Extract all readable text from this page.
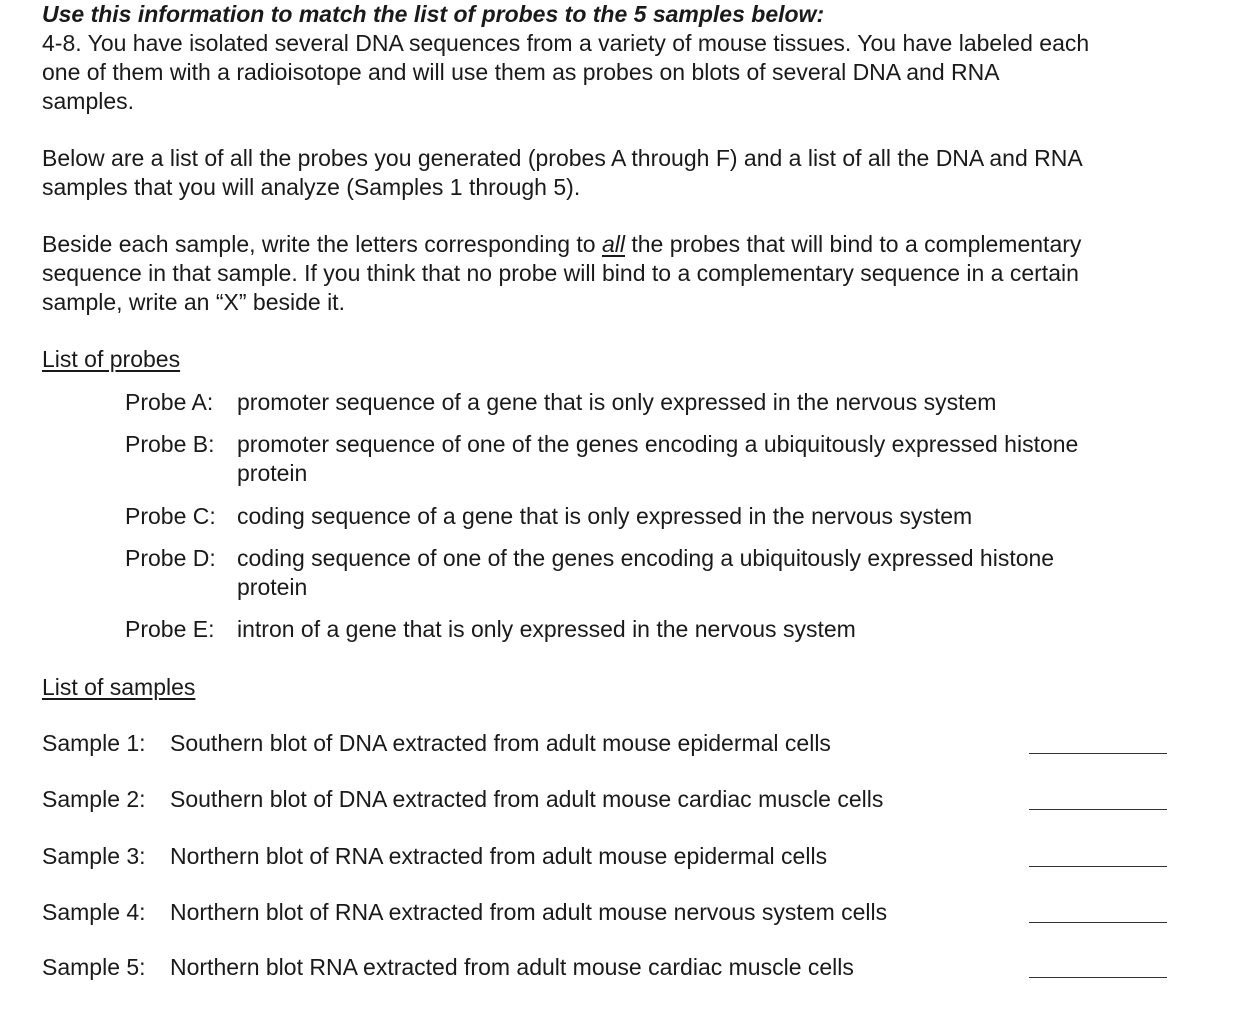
Use this information to match the list of probes to the 5 samples below:
4-8. You have isolated several DNA sequences from a variety of mouse tissues. You have labeled each
one of them with a radioisotope and will use them as probes on blots of several DNA and RNA
samples.
Below are a list of all the probes you generated (probes A through F) and a list of all the DNA and RNA
samples that you will analyze (Samples 1 through 5).
Beside each sample, write the letters corresponding to all the probes that will bind to a complementary
sequence in that sample. If you think that no probe will bind to a complementary sequence in a certain
sample, write an “X” beside it.
List of probes
Probe A:	promoter sequence of a gene that is only expressed in the nervous system
Probe B: promoter sequence of one of the genes encoding a ubiquitously expressed histone
protein
Probe C: coding sequence of a gene that is only expressed in the nervous system
Probe D: coding sequence of one of the genes encoding a ubiquitously expressed histone
protein
Probe E: intron of a gene that is only expressed in the nervous system
List of samples
Sample 1:	Southern blot of DNA extracted from adult mouse epidermal cells
Sample 2:	Southern blot of DNA extracted from adult mouse cardiac muscle cells
Sample 3:	Northern blot of RNA extracted from adult mouse epidermal cells
Sample 4:	Northern blot of RNA extracted from adult mouse nervous system cells
Sample 5:	Northern blot RNA extracted from adult mouse cardiac muscle cells
